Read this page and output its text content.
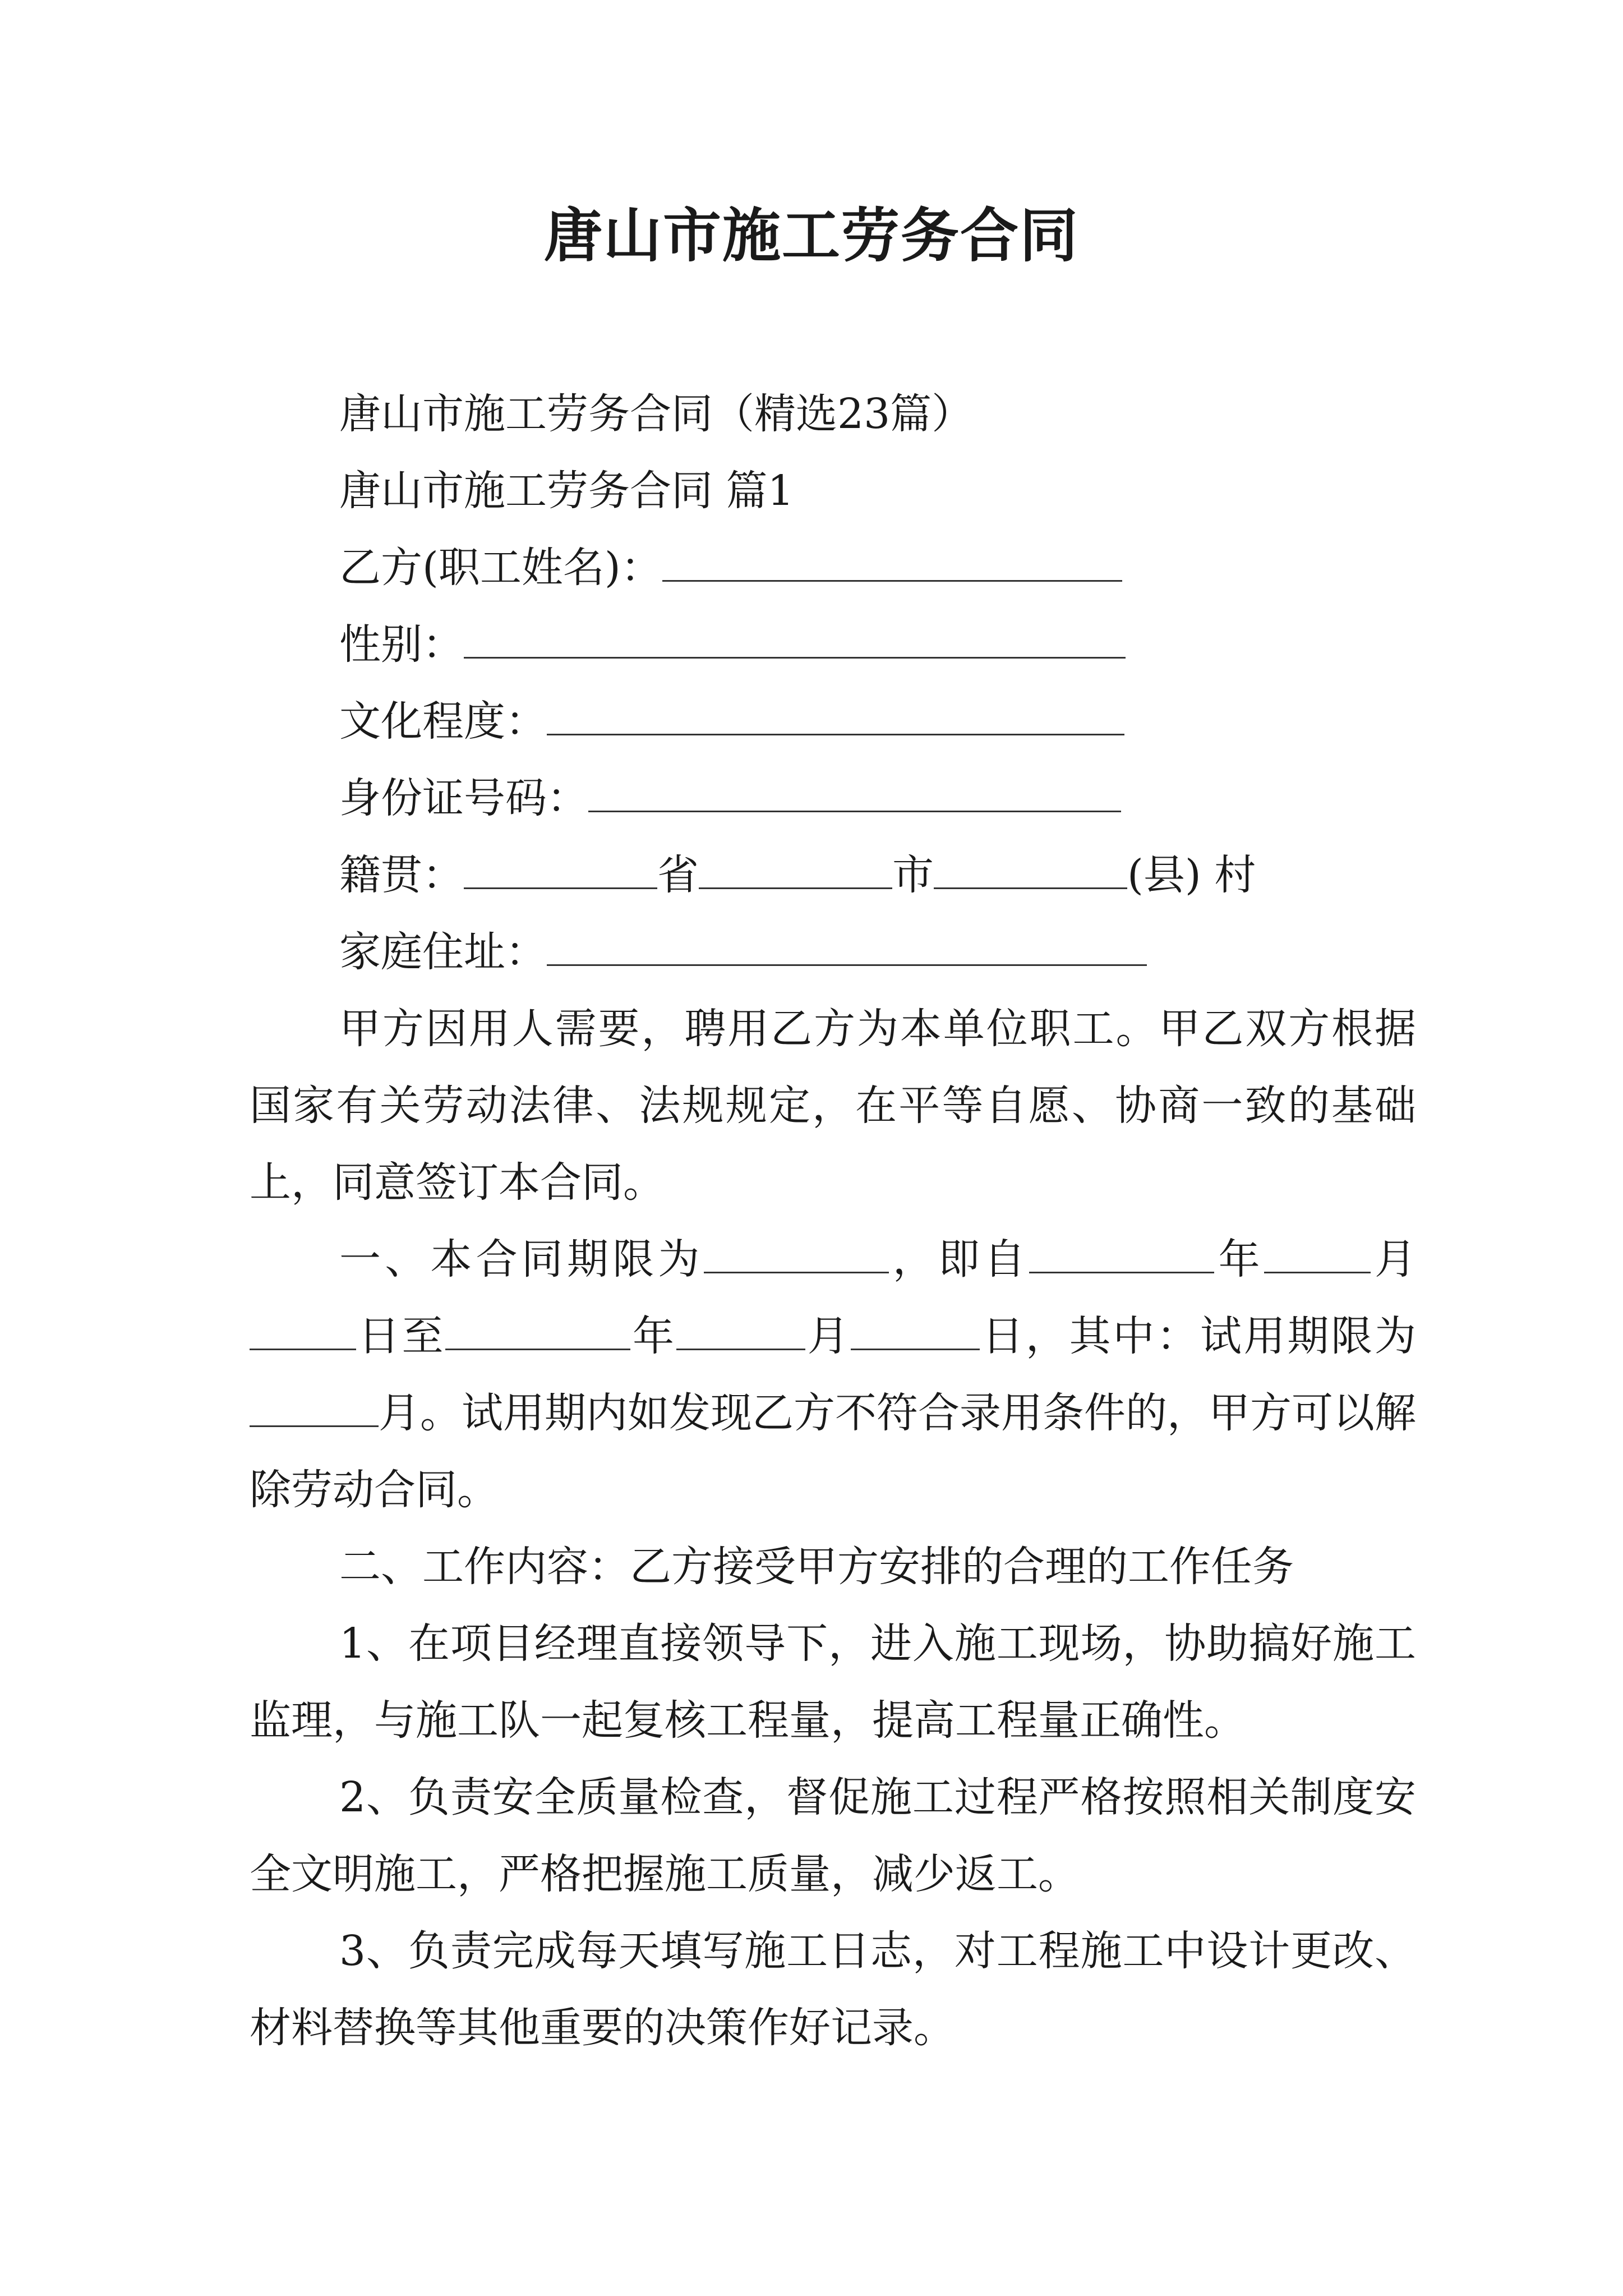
唐山市施工劳务合同
唐山市施工劳务合同（精选23篇）
唐山市施工劳务合同 篇1
乙方(职工姓名)：
性别：
文化程度：
身份证号码：
籍贯：	省	市	(县) 村
家庭住址：
甲方因用人需要，聘用乙方为本单位职工。甲乙双方根据国家有关劳动法律、法规规定，在平等自愿、协商一致的基础上，同意签订本合同。
一、本合同期限为	，即自	年	月日至	年	月	日，其中：试用期限为月。试用期内如发现乙方不符合录用条件的，甲方可以解除劳动合同。
二、工作内容：乙方接受甲方安排的合理的工作任务
1、在项目经理直接领导下，进入施工现场，协助搞好施工监理，与施工队一起复核工程量，提高工程量正确性。
2、负责安全质量检查，督促施工过程严格按照相关制度安全文明施工，严格把握施工质量，减少返工。
3、负责完成每天填写施工日志，对工程施工中设计更改、材料替换等其他重要的决策作好记录。
